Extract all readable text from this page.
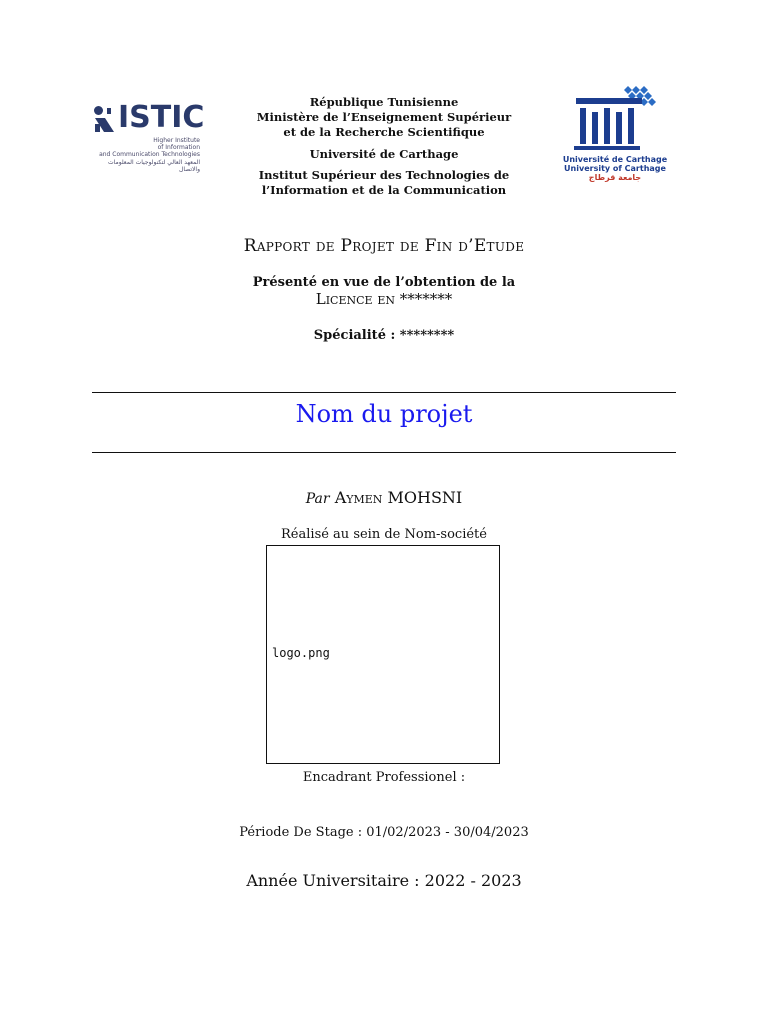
ISTIC
Higher Institute
of Information
and Communication Technologies
المعهد العالي لتكنولوجيات المعلومات والاتصال
République Tunisienne
Ministère de l’Enseignement Supérieur
et de la Recherche Scientifique
Université de Carthage
Institut Supérieur des Technologies de
l’Information et de la Communication
Université de Carthage
University of Carthage
جامعة قرطاج
Rapport de Projet de Fin d’Etude
Présenté en vue de l’obtention de la
Licence en *******
Spécialité : ********
Nom du projet
Par Aymen MOHSNI
Réalisé au sein de Nom-société
logo.png
Encadrant Professionel :
Période De Stage : 01/02/2023 - 30/04/2023
Année Universitaire : 2022 - 2023
